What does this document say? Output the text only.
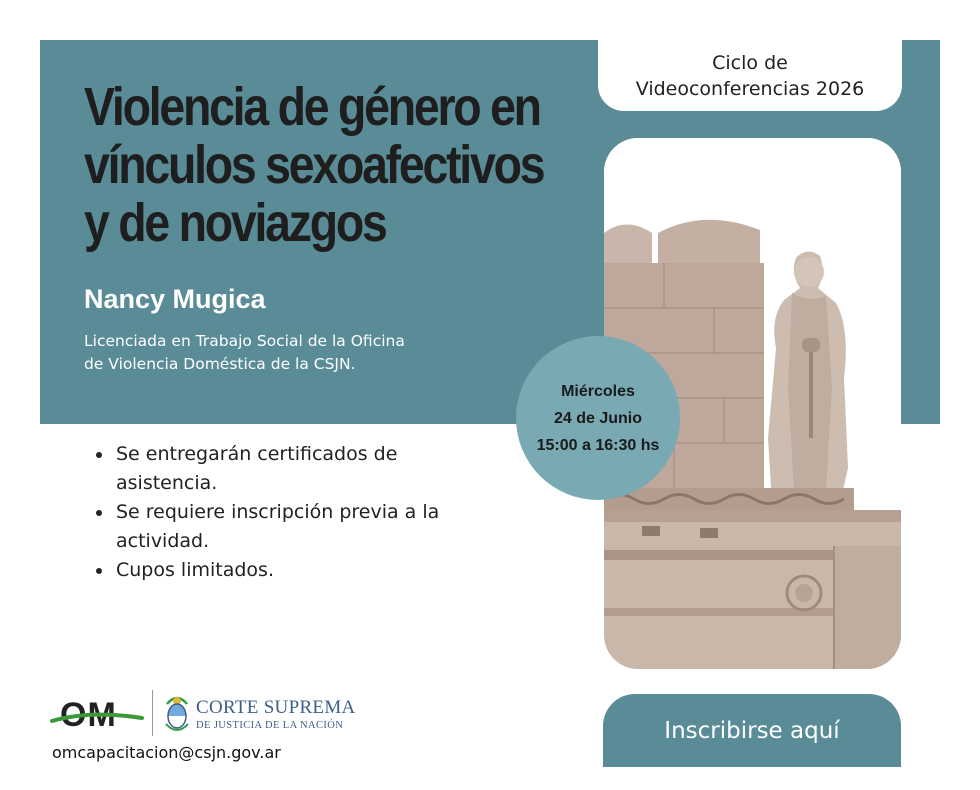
Ciclo de
Videoconferencias 2026
Violencia de género en
vínculos sexoafectivos
y de noviazgos
Nancy Mugica
Licenciada en Trabajo Social de la Oficina
de Violencia Doméstica de la CSJN.
Miércoles
24 de Junio
15:00 a 16:30 hs
Se entregarán certificados de
asistencia.
Se requiere inscripción previa a la
actividad.
Cupos limitados.
OM	CORTE SUPREMA
DE JUSTICIA DE LA NACIÓN
omcapacitacion@csjn.gov.ar
Inscribirse aquí
